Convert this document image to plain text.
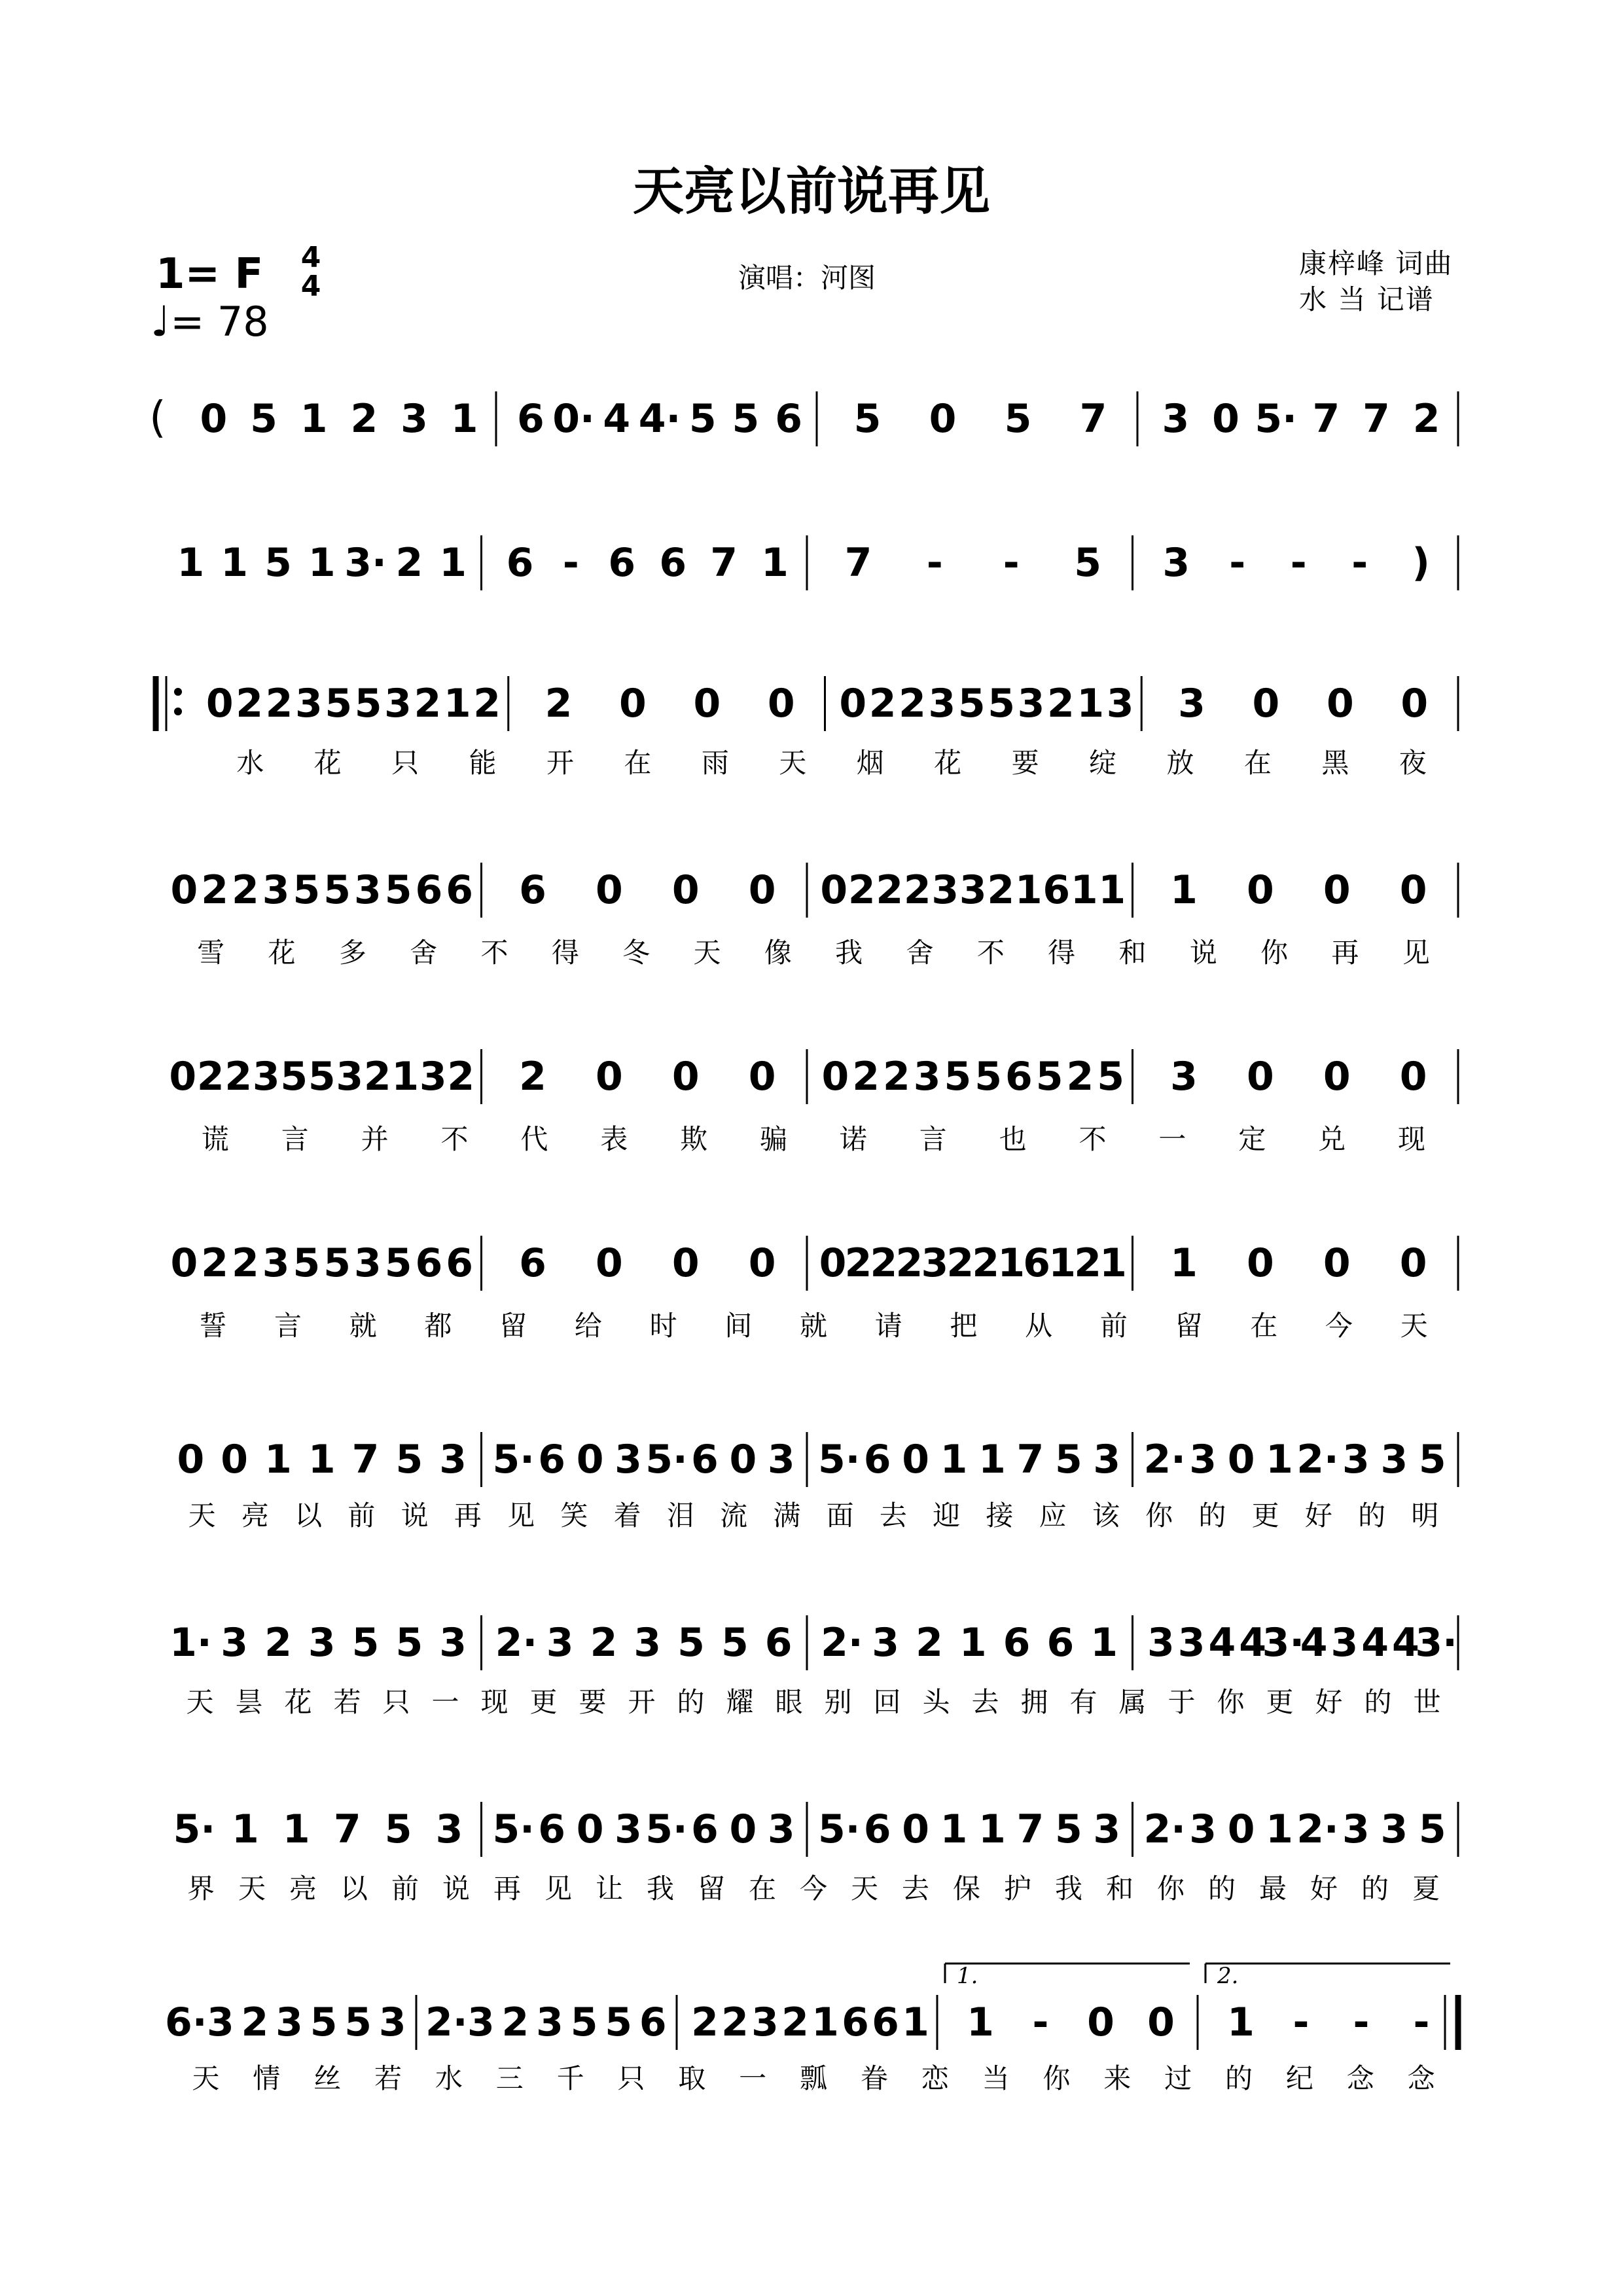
天亮以前说再见
1= F 4
4
♩= 78
演唱：河图	康梓峰 词曲
水 当 记谱
( 0 5 1 2 3 1 6 0· 4 4· 5 5 6 5 0 5 7 3 0 5· 7 7 2
1 1 5 1 3· 2 1 6 - 6 6 7 1 7 - - 5 3 - - - )
0 2 2 3 5 5 3 2 1 2 2 0 0 0 0 2 2 3 5 5 3 2 1 3 3 0 0 0
水 花 只 能 开 在 雨 天 烟 花 要 绽 放 在 黑 夜
0 2 2 3 5 5 3 5 6 6 6 0 0 0 0 2 2 2 3 3 2 1 6 1 1 1 0 0 0
雪 花 多 舍 不 得 冬 天 像 我 舍 不 得 和 说 你 再 见
0 2 2 3 5 5 3 2 1 3 2 2 0 0 0 0 2 2 3 5 5 6 5 2 5 3 0 0 0
谎 言 并 不 代 表 欺 骗 诺 言 也 不 一 定 兑 现
0 2 2 3 5 5 3 5 6 6 6 0 0 0 0
2
2
2
3
2
2
1
6
1
2
1 1 0 0 0
誓 言 就 都 留 给 时 间 就 请 把 从 前 留 在 今 天
0 0 1 1 7 5 3 5· 6 0 3 5· 6 0 3 5· 6 0 1 1 7 5 3 2· 3 0 1 2· 3 3 5
天 亮 以 前 说 再 见 笑 着 泪 流 满 面 去 迎 接 应 该 你 的 更 好 的 明
1· 3 2 3 5 5 3 2· 3 2 3 5 5 6 2· 3 2 1 6 6 1 3 3 4 4
3·
4 3 4 4
3·
天 昙 花 若 只 一 现 更 要 开 的 耀 眼 别 回 头 去 拥 有 属 于 你 更 好 的 世
5· 1 1 7 5 3 5· 6 0 3 5· 6 0 3 5· 6 0 1 1 7 5 3 2· 3 0 1 2· 3 3 5
界 天 亮 以 前 说 再 见 让 我 留 在 今 天 去 保 护 我 和 你 的 最 好 的 夏
6· 3 2 3 5 5 3 2· 3 2 3 5 5 6 2 2 3 2 1 6 6 1
1.
1 - 0 0
2.
1 - - -
天 情 丝 若 水 三 千 只 取 一 瓢 眷 恋 当 你 来 过 的 纪 念 念
